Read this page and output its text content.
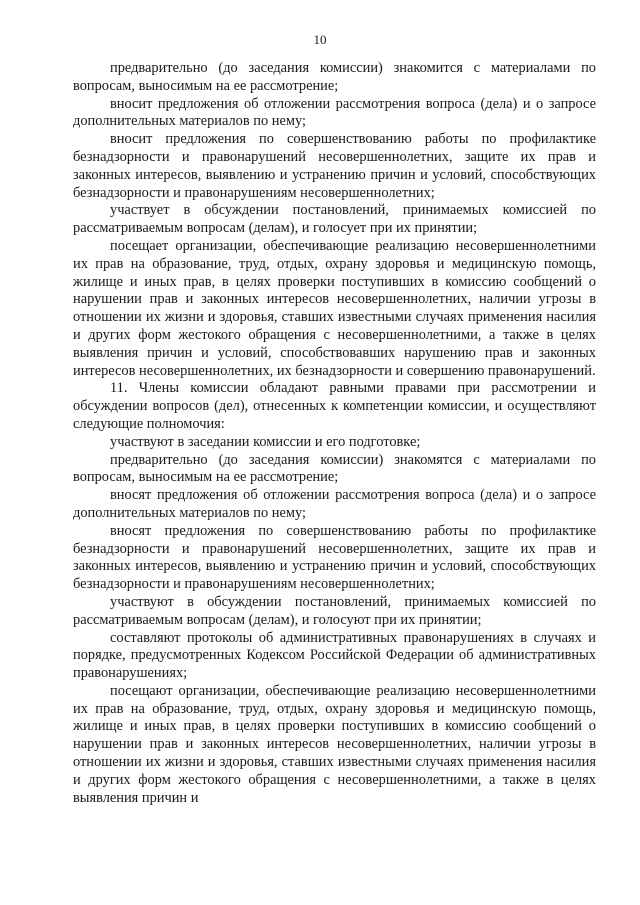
10

предварительно (до заседания комиссии) знакомится с материалами по вопросам, выносимым на ее рассмотрение;

вносит предложения об отложении рассмотрения вопроса (дела) и о запросе дополнительных материалов по нему;

вносит предложения по совершенствованию работы по профилактике безнадзорности и правонарушений несовершеннолетних, защите их прав и законных интересов, выявлению и устранению причин и условий, способствующих безнадзорности и правонарушениям несовершеннолетних;

участвует в обсуждении постановлений, принимаемых комиссией по рассматриваемым вопросам (делам), и голосует при их принятии;

посещает организации, обеспечивающие реализацию несовершеннолетними их прав на образование, труд, отдых, охрану здоровья и медицинскую помощь, жилище и иных прав, в целях проверки поступивших в комиссию сообщений о нарушении прав и законных интересов несовершеннолетних, наличии угрозы в отношении их жизни и здоровья, ставших известными случаях применения насилия и других форм жестокого обращения с несовершеннолетними, а также в целях выявления причин и условий, способствовавших нарушению прав и законных интересов несовершеннолетних, их безнадзорности и совершению правонарушений.

11. Члены комиссии обладают равными правами при рассмотрении и обсуждении вопросов (дел), отнесенных к компетенции комиссии, и осуществляют следующие полномочия:

участвуют в заседании комиссии и его подготовке;

предварительно (до заседания комиссии) знакомятся с материалами по вопросам, выносимым на ее рассмотрение;

вносят предложения об отложении рассмотрения вопроса (дела) и о запросе дополнительных материалов по нему;

вносят предложения по совершенствованию работы по профилактике безнадзорности и правонарушений несовершеннолетних, защите их прав и законных интересов, выявлению и устранению причин и условий, способствующих безнадзорности и правонарушениям несовершеннолетних;

участвуют в обсуждении постановлений, принимаемых комиссией по рассматриваемым вопросам (делам), и голосуют при их принятии;

составляют протоколы об административных правонарушениях в случаях и порядке, предусмотренных Кодексом Российской Федерации об административных правонарушениях;

посещают организации, обеспечивающие реализацию несовершеннолетними их прав на образование, труд, отдых, охрану здоровья и медицинскую помощь, жилище и иных прав, в целях проверки поступивших в комиссию сообщений о нарушении прав и законных интересов несовершеннолетних, наличии угрозы в отношении их жизни и здоровья, ставших известными случаях применения насилия и других форм жестокого обращения с несовершеннолетними, а также в целях выявления причин и
